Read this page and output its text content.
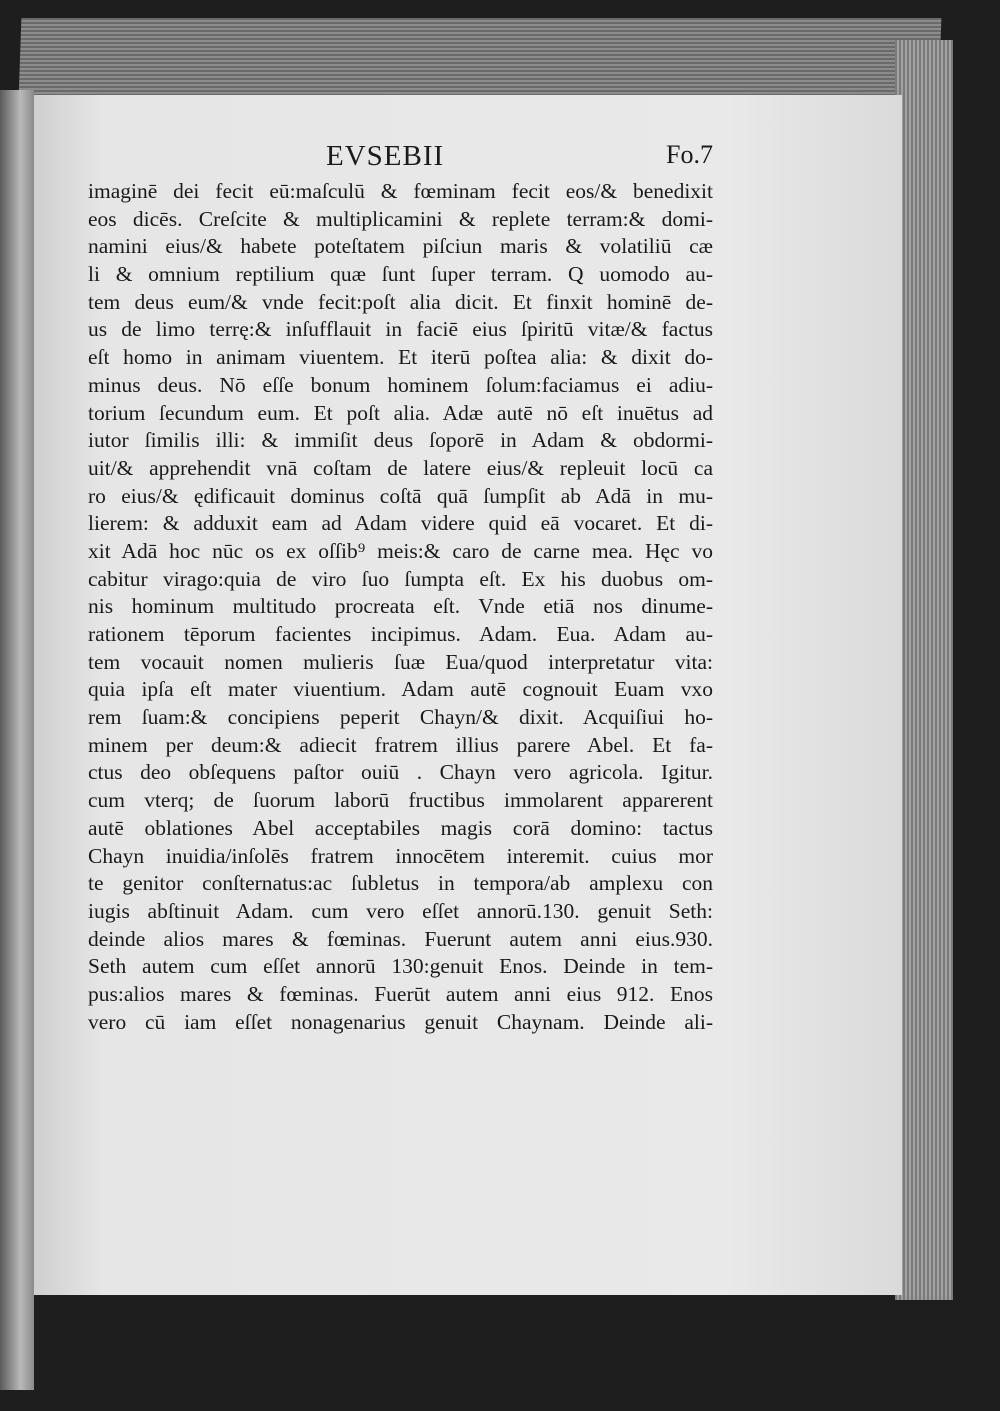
EVSEBII	Fo.7
imaginē dei fecit eū:maſculū & fœminam fecit eos/& benedixit
eos dicēs. Creſcite & multiplicamini & replete terram:& domi-
namini eius/& habete poteſtatem piſciun maris & volatiliū cæ
li & omnium reptilium quæ ſunt ſuper terram. Q uomodo au-
tem deus eum/& vnde fecit:poſt alia dicit. Et finxit hominē de-
us de limo terrę:& inſufflauit in faciē eius ſpiritū vitæ/& factus
eſt homo in animam viuentem. Et iterū poſtea alia: & dixit do-
minus deus. Nō eſſe bonum hominem ſolum:faciamus ei adiu-
torium ſecundum eum. Et poſt alia. Adæ autē nō eſt inuētus ad
iutor ſimilis illi: & immiſit deus ſoporē in Adam & obdormi-
uit/& apprehendit vnā coſtam de latere eius/& repleuit locū ca
ro eius/& ędificauit dominus coſtā quā ſumpſit ab Adā in mu-
lierem: & adduxit eam ad Adam videre quid eā vocaret. Et di-
xit Adā hoc nūc os ex oſſib⁹ meis:& caro de carne mea. Hęc vo
cabitur virago:quia de viro ſuo ſumpta eſt. Ex his duobus om-
nis hominum multitudo procreata eſt. Vnde etiā nos dinume-
rationem tēporum facientes incipimus. Adam. Eua. Adam au-
tem vocauit nomen mulieris ſuæ Eua/quod interpretatur vita:
quia ipſa eſt mater viuentium. Adam autē cognouit Euam vxo
rem ſuam:& concipiens peperit Chayn/& dixit. Acquiſiui ho-
minem per deum:& adiecit fratrem illius parere Abel. Et fa-
ctus deo obſequens paſtor ouiū . Chayn vero agricola. Igitur.
cum vterq; de ſuorum laborū fructibus immolarent apparerent
autē oblationes Abel acceptabiles magis corā domino: tactus
Chayn inuidia/inſolēs fratrem innocētem interemit. cuius mor
te genitor conſternatus:ac ſubletus in tempora/ab amplexu con
iugis abſtinuit Adam. cum vero eſſet annorū.130. genuit Seth:
deinde alios mares & fœminas. Fuerunt autem anni eius.930.
Seth autem cum eſſet annorū 130:genuit Enos. Deinde in tem-
pus:alios mares & fœminas. Fuerūt autem anni eius 912. Enos
vero cū iam eſſet nonagenarius genuit Chaynam. Deinde ali-
